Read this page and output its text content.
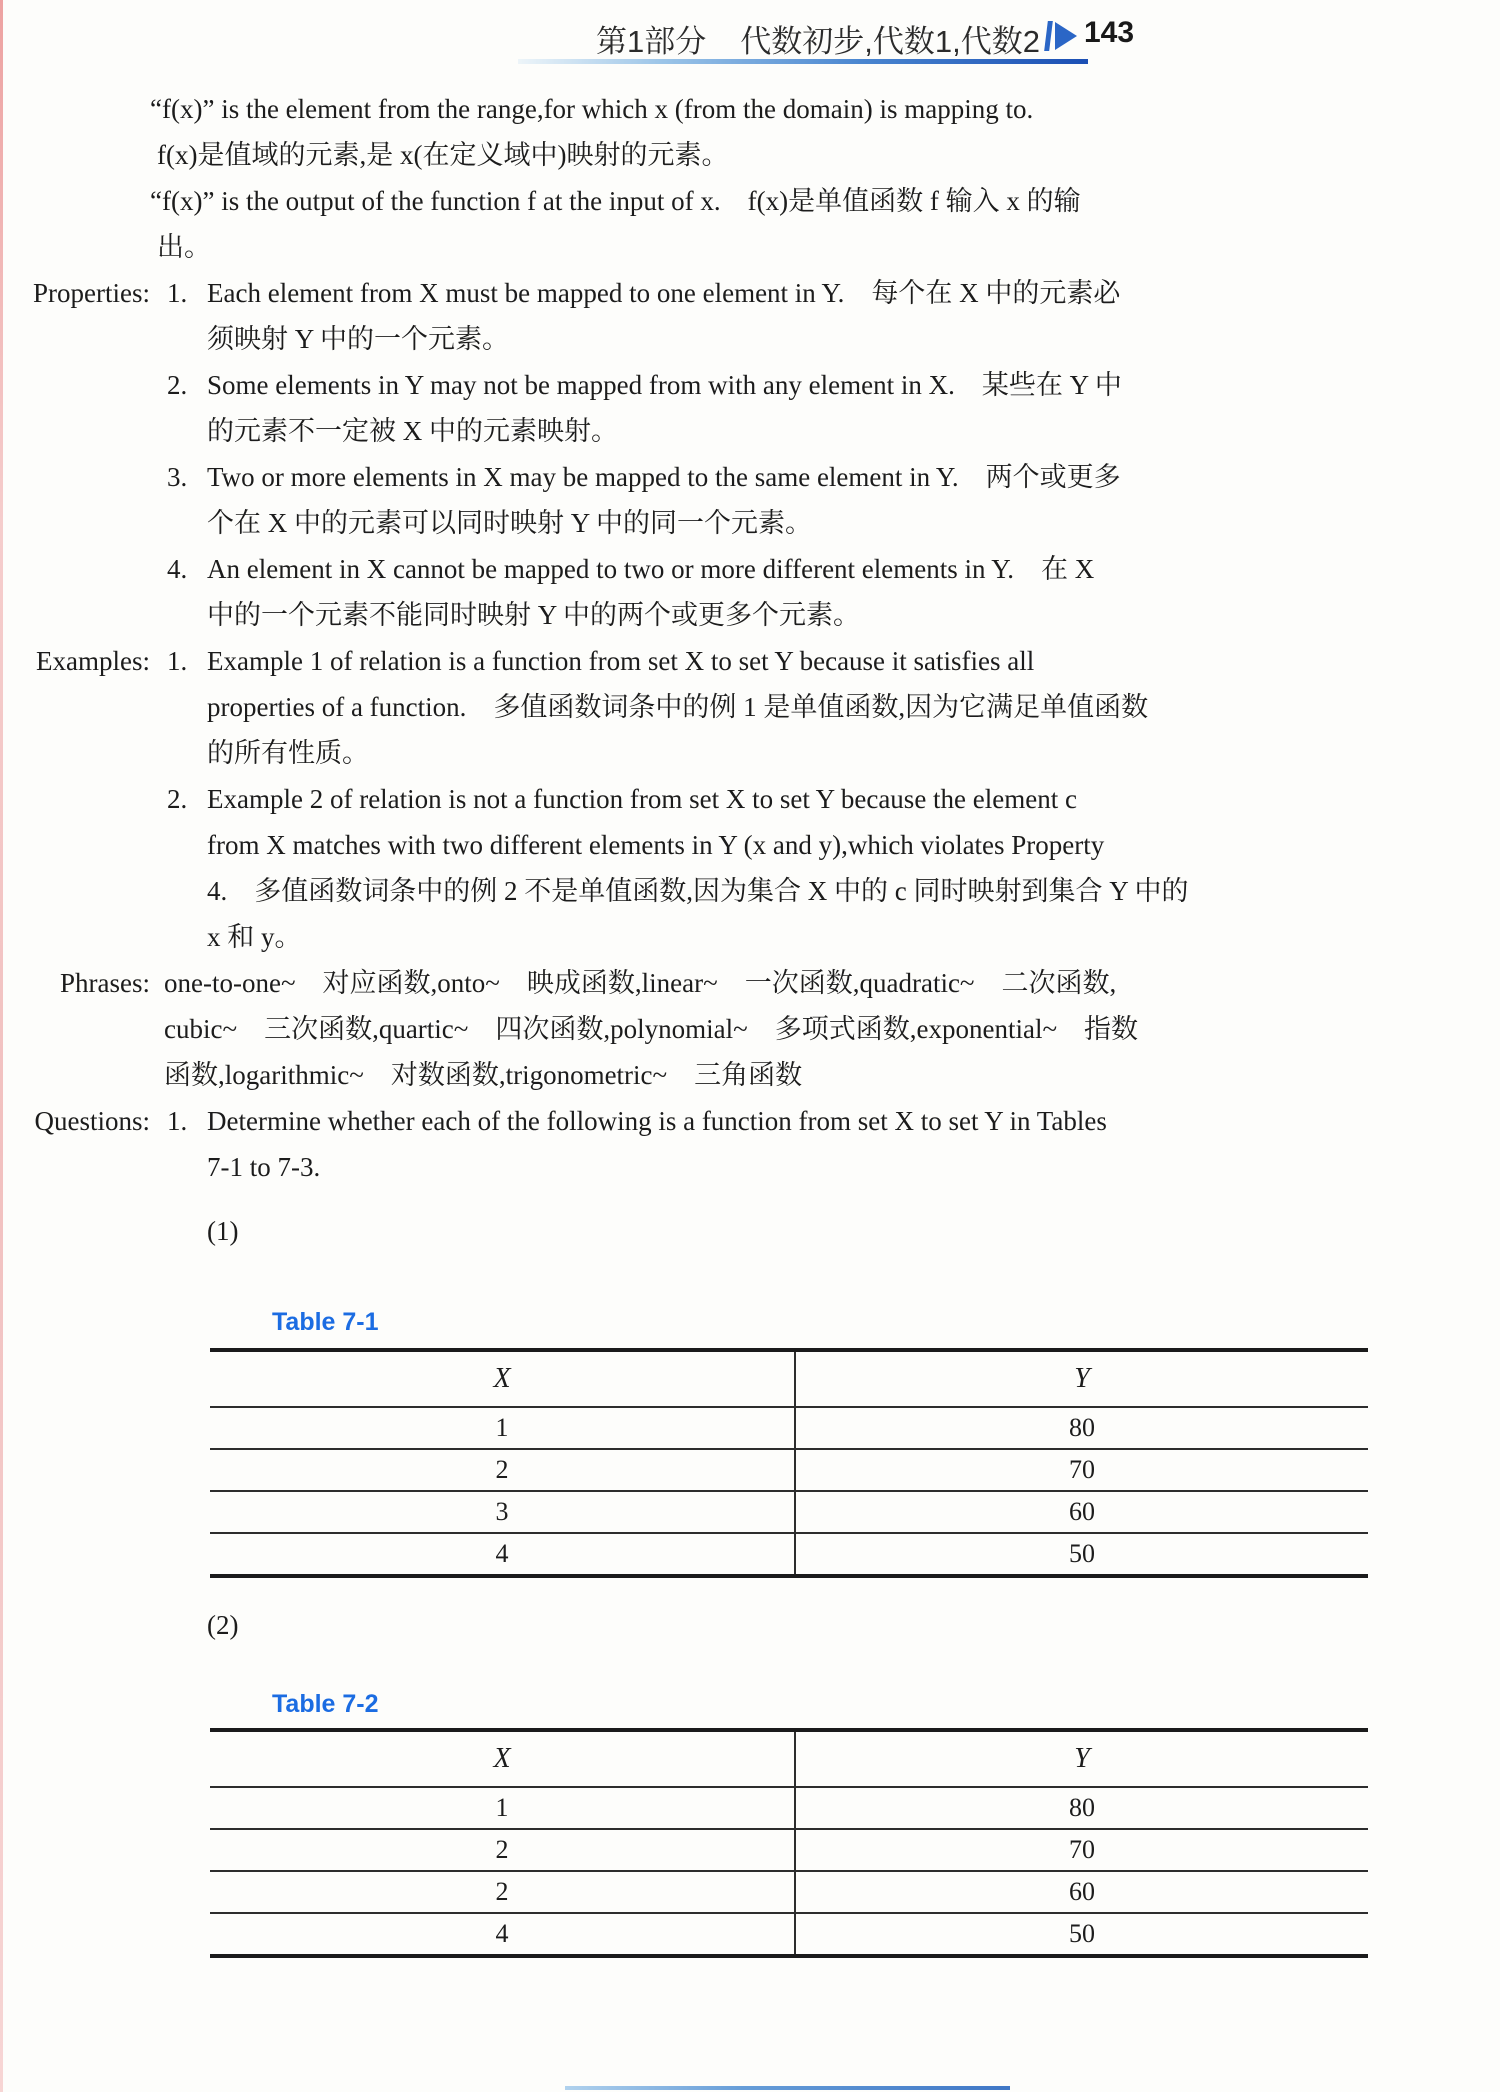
第1部分 代数初步,代数1,代数2 143
“f(x)” is the element from the range,for which x (from the domain) is mapping to.
f(x)是值域的元素,是 x(在定义域中)映射的元素。
“f(x)” is the output of the function f at the input of x.　f(x)是单值函数 f 输入 x 的输
出。
Properties: 1. Each element from X must be mapped to one element in Y.　每个在 X 中的元素必
须映射 Y 中的一个元素。
2. Some elements in Y may not be mapped from with any element in X.　某些在 Y 中
的元素不一定被 X 中的元素映射。
3. Two or more elements in X may be mapped to the same element in Y.　两个或更多
个在 X 中的元素可以同时映射 Y 中的同一个元素。
4. An element in X cannot be mapped to two or more different elements in Y.　在 X
中的一个元素不能同时映射 Y 中的两个或更多个元素。
Examples: 1. Example 1 of relation is a function from set X to set Y because it satisfies all
properties of a function.　多值函数词条中的例 1 是单值函数,因为它满足单值函数
的所有性质。
2. Example 2 of relation is not a function from set X to set Y because the element c
from X matches with two different elements in Y (x and y),which violates Property
4.　多值函数词条中的例 2 不是单值函数,因为集合 X 中的 c 同时映射到集合 Y 中的
x 和 y。
Phrases: one-to-one~　对应函数,onto~　映成函数,linear~　一次函数,quadratic~　二次函数,
cubic~　三次函数,quartic~　四次函数,polynomial~　多项式函数,exponential~　指数
函数,logarithmic~　对数函数,trigonometric~　三角函数
Questions: 1. Determine whether each of the following is a function from set X to set Y in Tables
7-1 to 7-3.
(1)
Table 7-1
X	Y
1	80
2	70
3	60
4	50
(2)
Table 7-2
X	Y
1	80
2	70
2	60
4	50
